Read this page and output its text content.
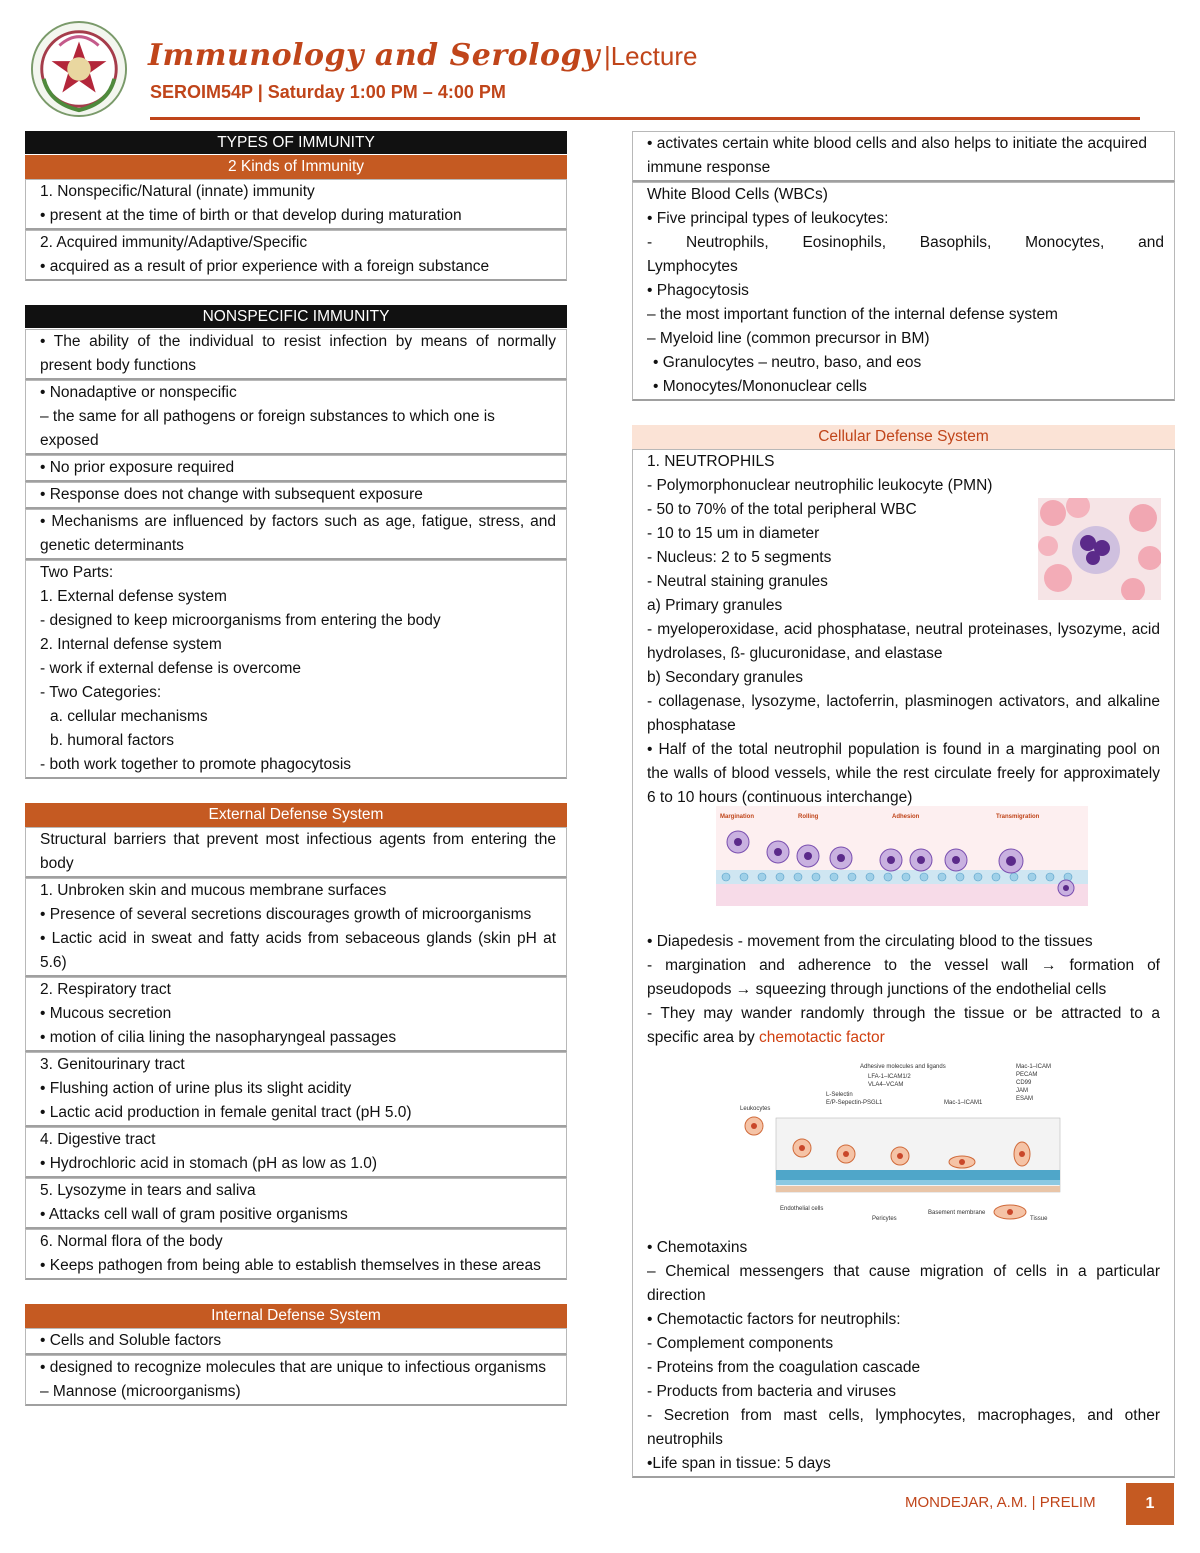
Immunology and Serology |Lecture
SEROIM54P | Saturday 1:00 PM – 4:00 PM
TYPES OF IMMUNITY
2 Kinds of Immunity
1. Nonspecific/Natural (innate) immunity
• present at the time of birth or that develop during maturation
2. Acquired immunity/Adaptive/Specific
• acquired as a result of prior experience with a foreign substance
NONSPECIFIC IMMUNITY
• The ability of the individual to resist infection by means of normally present body functions
• Nonadaptive or nonspecific
– the same for all pathogens or foreign substances to which one is exposed
• No prior exposure required
• Response does not change with subsequent exposure
• Mechanisms are influenced by factors such as age, fatigue, stress, and genetic determinants
Two Parts:
1. External defense system
- designed to keep microorganisms from entering the body
2. Internal defense system
- work if external defense is overcome
- Two Categories:
a. cellular mechanisms
b. humoral factors
- both work together to promote phagocytosis
External Defense System
Structural barriers that prevent most infectious agents from entering the body
1. Unbroken skin and mucous membrane surfaces
• Presence of several secretions discourages growth of microorganisms
• Lactic acid in sweat and fatty acids from sebaceous glands (skin pH at 5.6)
2. Respiratory tract
• Mucous secretion
• motion of cilia lining the nasopharyngeal passages
3. Genitourinary tract
• Flushing action of urine plus its slight acidity
• Lactic acid production in female genital tract (pH 5.0)
4. Digestive tract
• Hydrochloric acid in stomach (pH as low as 1.0)
5. Lysozyme in tears and saliva
• Attacks cell wall of gram positive organisms
6. Normal flora of the body
• Keeps pathogen from being able to establish themselves in these areas
Internal Defense System
• Cells and Soluble factors
• designed to recognize molecules that are unique to infectious organisms
– Mannose (microorganisms)
• activates certain white blood cells and also helps to initiate the acquired immune response
White Blood Cells (WBCs)
• Five principal types of leukocytes:
- Neutrophils, Eosinophils, Basophils, Monocytes, and Lymphocytes
• Phagocytosis
– the most important function of the internal defense system
– Myeloid line (common precursor in BM)
• Granulocytes – neutro, baso, and eos
• Monocytes/Mononuclear cells
Cellular Defense System
1. NEUTROPHILS
- Polymorphonuclear neutrophilic leukocyte (PMN)
- 50 to 70% of the total peripheral WBC
- 10 to 15 um in diameter
- Nucleus: 2 to 5 segments
- Neutral staining granules
a) Primary granules
- myeloperoxidase, acid phosphatase, neutral proteinases, lysozyme, acid hydrolases, ß- glucuronidase, and elastase
b) Secondary granules
- collagenase, lysozyme, lactoferrin, plasminogen activators, and alkaline phosphatase
• Half of the total neutrophil population is found in a marginating pool on the walls of blood vessels, while the rest circulate freely for approximately 6 to 10 hours (continuous interchange)
• Diapedesis - movement from the circulating blood to the tissues
- margination and adherence to the vessel wall → formation of pseudopods → squeezing through junctions of the endothelial cells
- They may wander randomly through the tissue or be attracted to a specific area by chemotactic factor
• Chemotaxins
– Chemical messengers that cause migration of cells in a particular direction
• Chemotactic factors for neutrophils:
- Complement components
- Proteins from the coagulation cascade
- Products from bacteria and viruses
- Secretion from mast cells, lymphocytes, macrophages, and other neutrophils
•Life span in tissue: 5 days
Margination	Rolling	Adhesion	Transmigration
Adhesive molecules and ligands
LFA-1–ICAM1/2
VLA4–VCAM
L-Selectin
E/P-Sepectin-PSGL1	Mac-1–ICAM1
Mac-1–ICAM
PECAM
CD99
JAM
ESAM
Leukocytes
Endothelial cells
Pericytes
Basement membrane
Tissue
MONDEJAR, A.M. | PRELIM	1
